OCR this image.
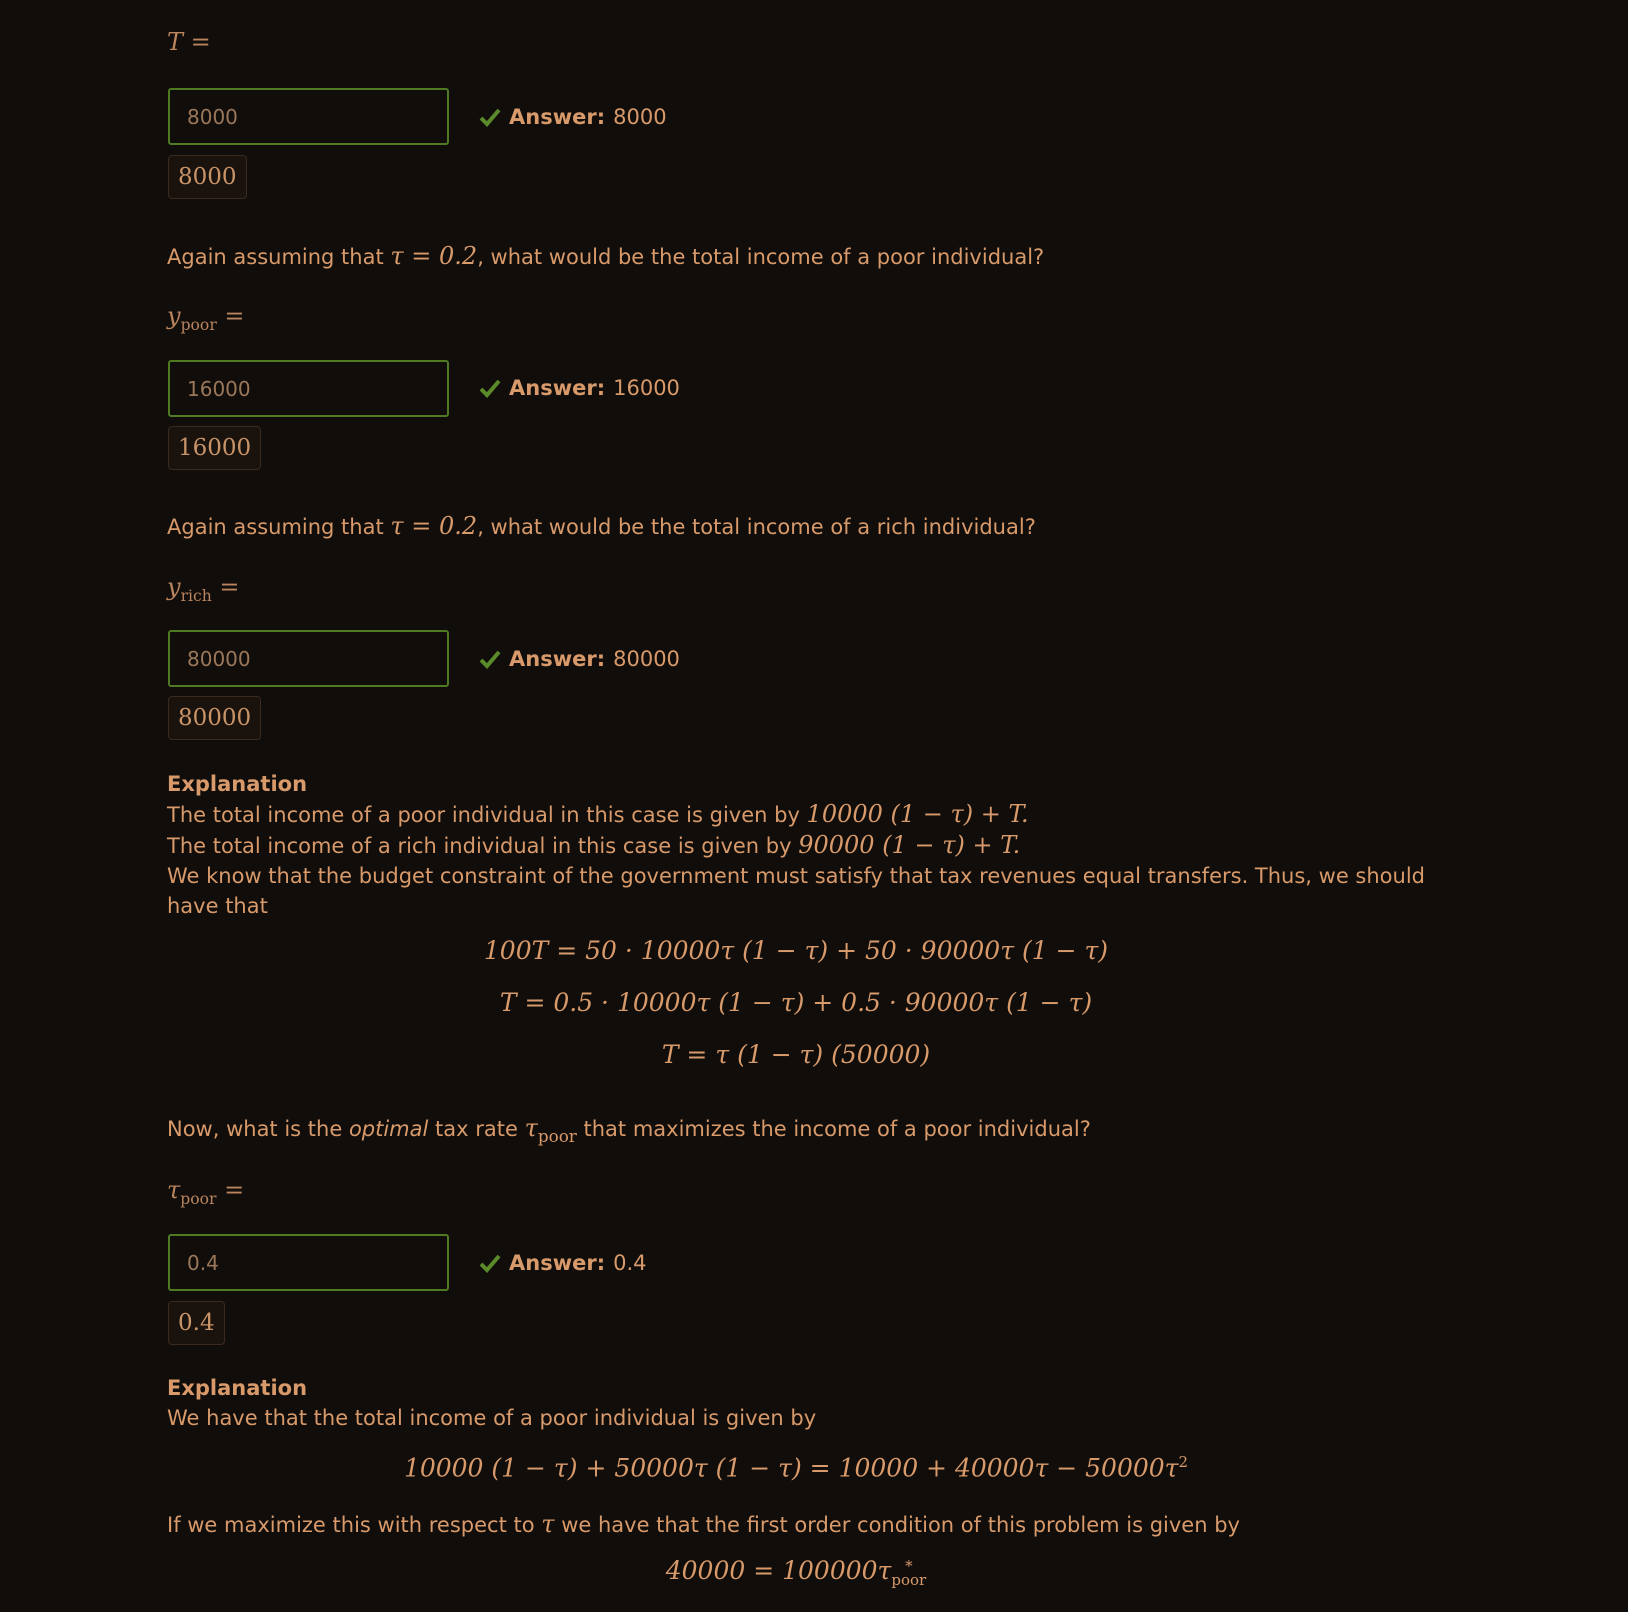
T =
8000
Answer: 8000
8000
Again assuming that τ = 0.2, what would be the total income of a poor individual?
$y_{poor}$ =
16000
Answer: 16000
16000
Again assuming that τ = 0.2, what would be the total income of a rich individual?
$y_{rich}$ =
80000
Answer: 80000
80000
Explanation
The total income of a poor individual in this case is given by 10000 (1 − τ) + T.
The total income of a rich individual in this case is given by 90000 (1 − τ) + T.
We know that the budget constraint of the government must satisfy that tax revenues equal transfers. Thus, we should have that
100T = 50 · 10000τ (1 − τ) + 50 · 90000τ (1 − τ)
T = 0.5 · 10000τ (1 − τ) + 0.5 · 90000τ (1 − τ)
T = τ (1 − τ) (50000)
Now, what is the optimal tax rate $\tau_{poor}$ that maximizes the income of a poor individual?
$\tau_{poor}$ =
0.4
Answer: 0.4
0.4
Explanation
We have that the total income of a poor individual is given by
10000 (1 − τ) + 50000τ $(1 - \tau) = 10000 + 40000\tau - 50000\tau^2$
If we maximize this with respect to τ we have that the first order condition of this problem is given by
40000 = 100000τ *
poor
